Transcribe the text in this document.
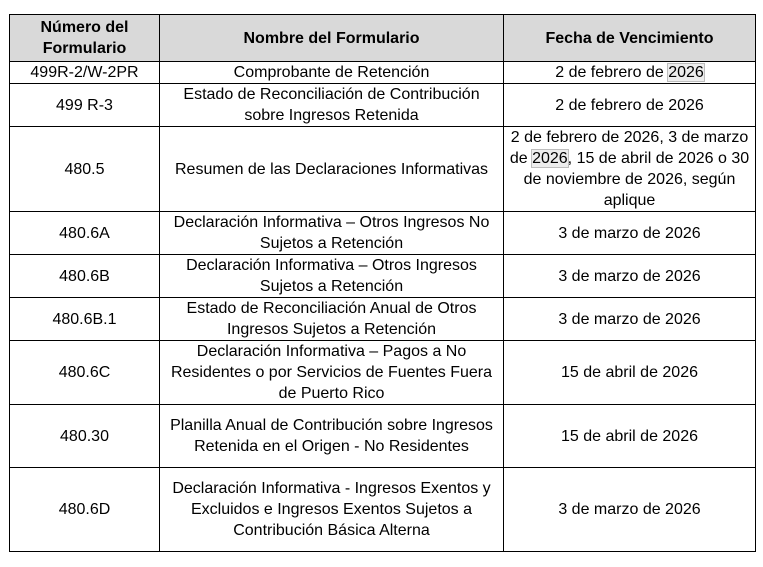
Número del Formulario	Nombre del Formulario	Fecha de Vencimiento
499R-2/W-2PR	Comprobante de Retención	2 de febrero de 2026
499 R-3	Estado de Reconciliación de Contribución sobre Ingresos Retenida	2 de febrero de 2026
480.5	Resumen de las Declaraciones Informativas	2 de febrero de 2026, 3 de marzo de 2026, 15 de abril de 2026 o 30 de noviembre de 2026, según aplique
480.6A	Declaración Informativa – Otros Ingresos No Sujetos a Retención	3 de marzo de 2026
480.6B	Declaración Informativa – Otros Ingresos Sujetos a Retención	3 de marzo de 2026
480.6B.1	Estado de Reconciliación Anual de Otros Ingresos Sujetos a Retención	3 de marzo de 2026
480.6C	Declaración Informativa – Pagos a No Residentes o por Servicios de Fuentes Fuera de Puerto Rico	15 de abril de 2026
480.30	Planilla Anual de Contribución sobre Ingresos Retenida en el Origen - No Residentes	15 de abril de 2026
480.6D	Declaración Informativa - Ingresos Exentos y Excluidos e Ingresos Exentos Sujetos a Contribución Básica Alterna	3 de marzo de 2026
